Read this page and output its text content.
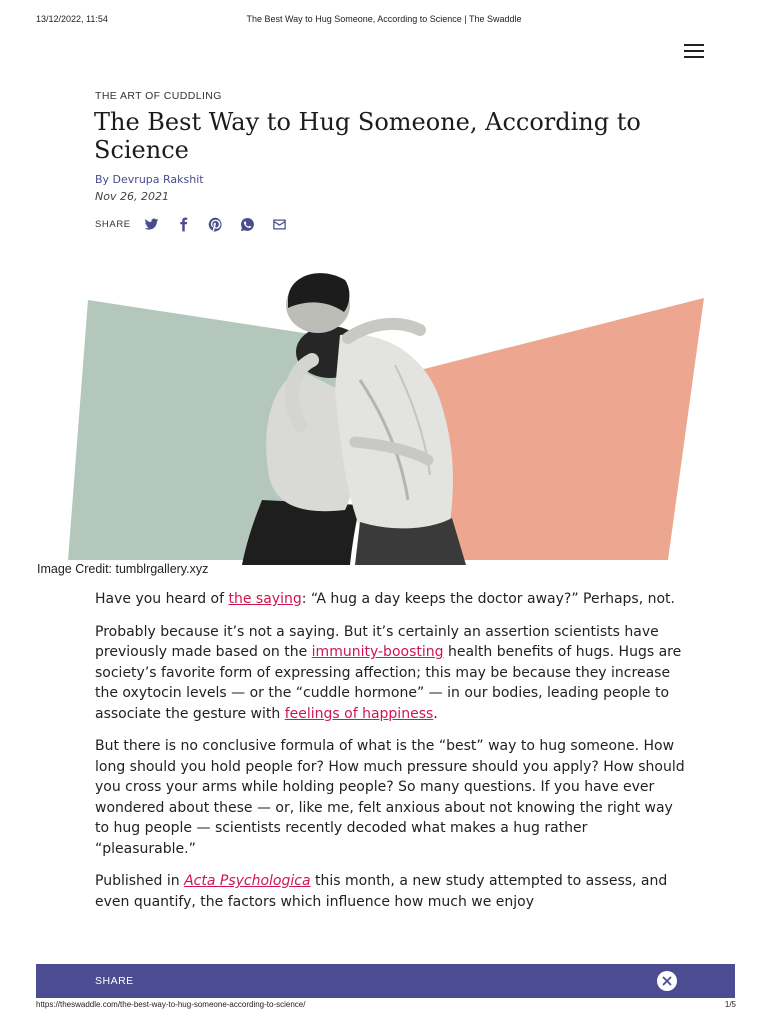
13/12/2022, 11:54	The Best Way to Hug Someone, According to Science | The Swaddle
THE ART OF CUDDLING
The Best Way to Hug Someone, According to Science
By Devrupa Rakshit
Nov 26, 2021
SHARE
Image Credit: tumblrgallery.xyz

Have you heard of the saying: “A hug a day keeps the doctor away?” Perhaps, not.

Probably because it’s not a saying. But it’s certainly an assertion scientists have previously made based on the immunity-boosting health benefits of hugs. Hugs are society’s favorite form of expressing affection; this may be because they increase the oxytocin levels — or the “cuddle hormone” — in our bodies, leading people to associate the gesture with feelings of happiness.

But there is no conclusive formula of what is the “best” way to hug someone. How long should you hold people for? How much pressure should you apply? How should you cross your arms while holding people? So many questions. If you have ever wondered about these — or, like me, felt anxious about not knowing the right way to hug people — scientists recently decoded what makes a hug rather “pleasurable.”

Published in Acta Psychologica this month, a new study attempted to assess, and even quantify, the factors which influence how much we enjoy

SHARE
https://theswaddle.com/the-best-way-to-hug-someone-according-to-science/	1/5
